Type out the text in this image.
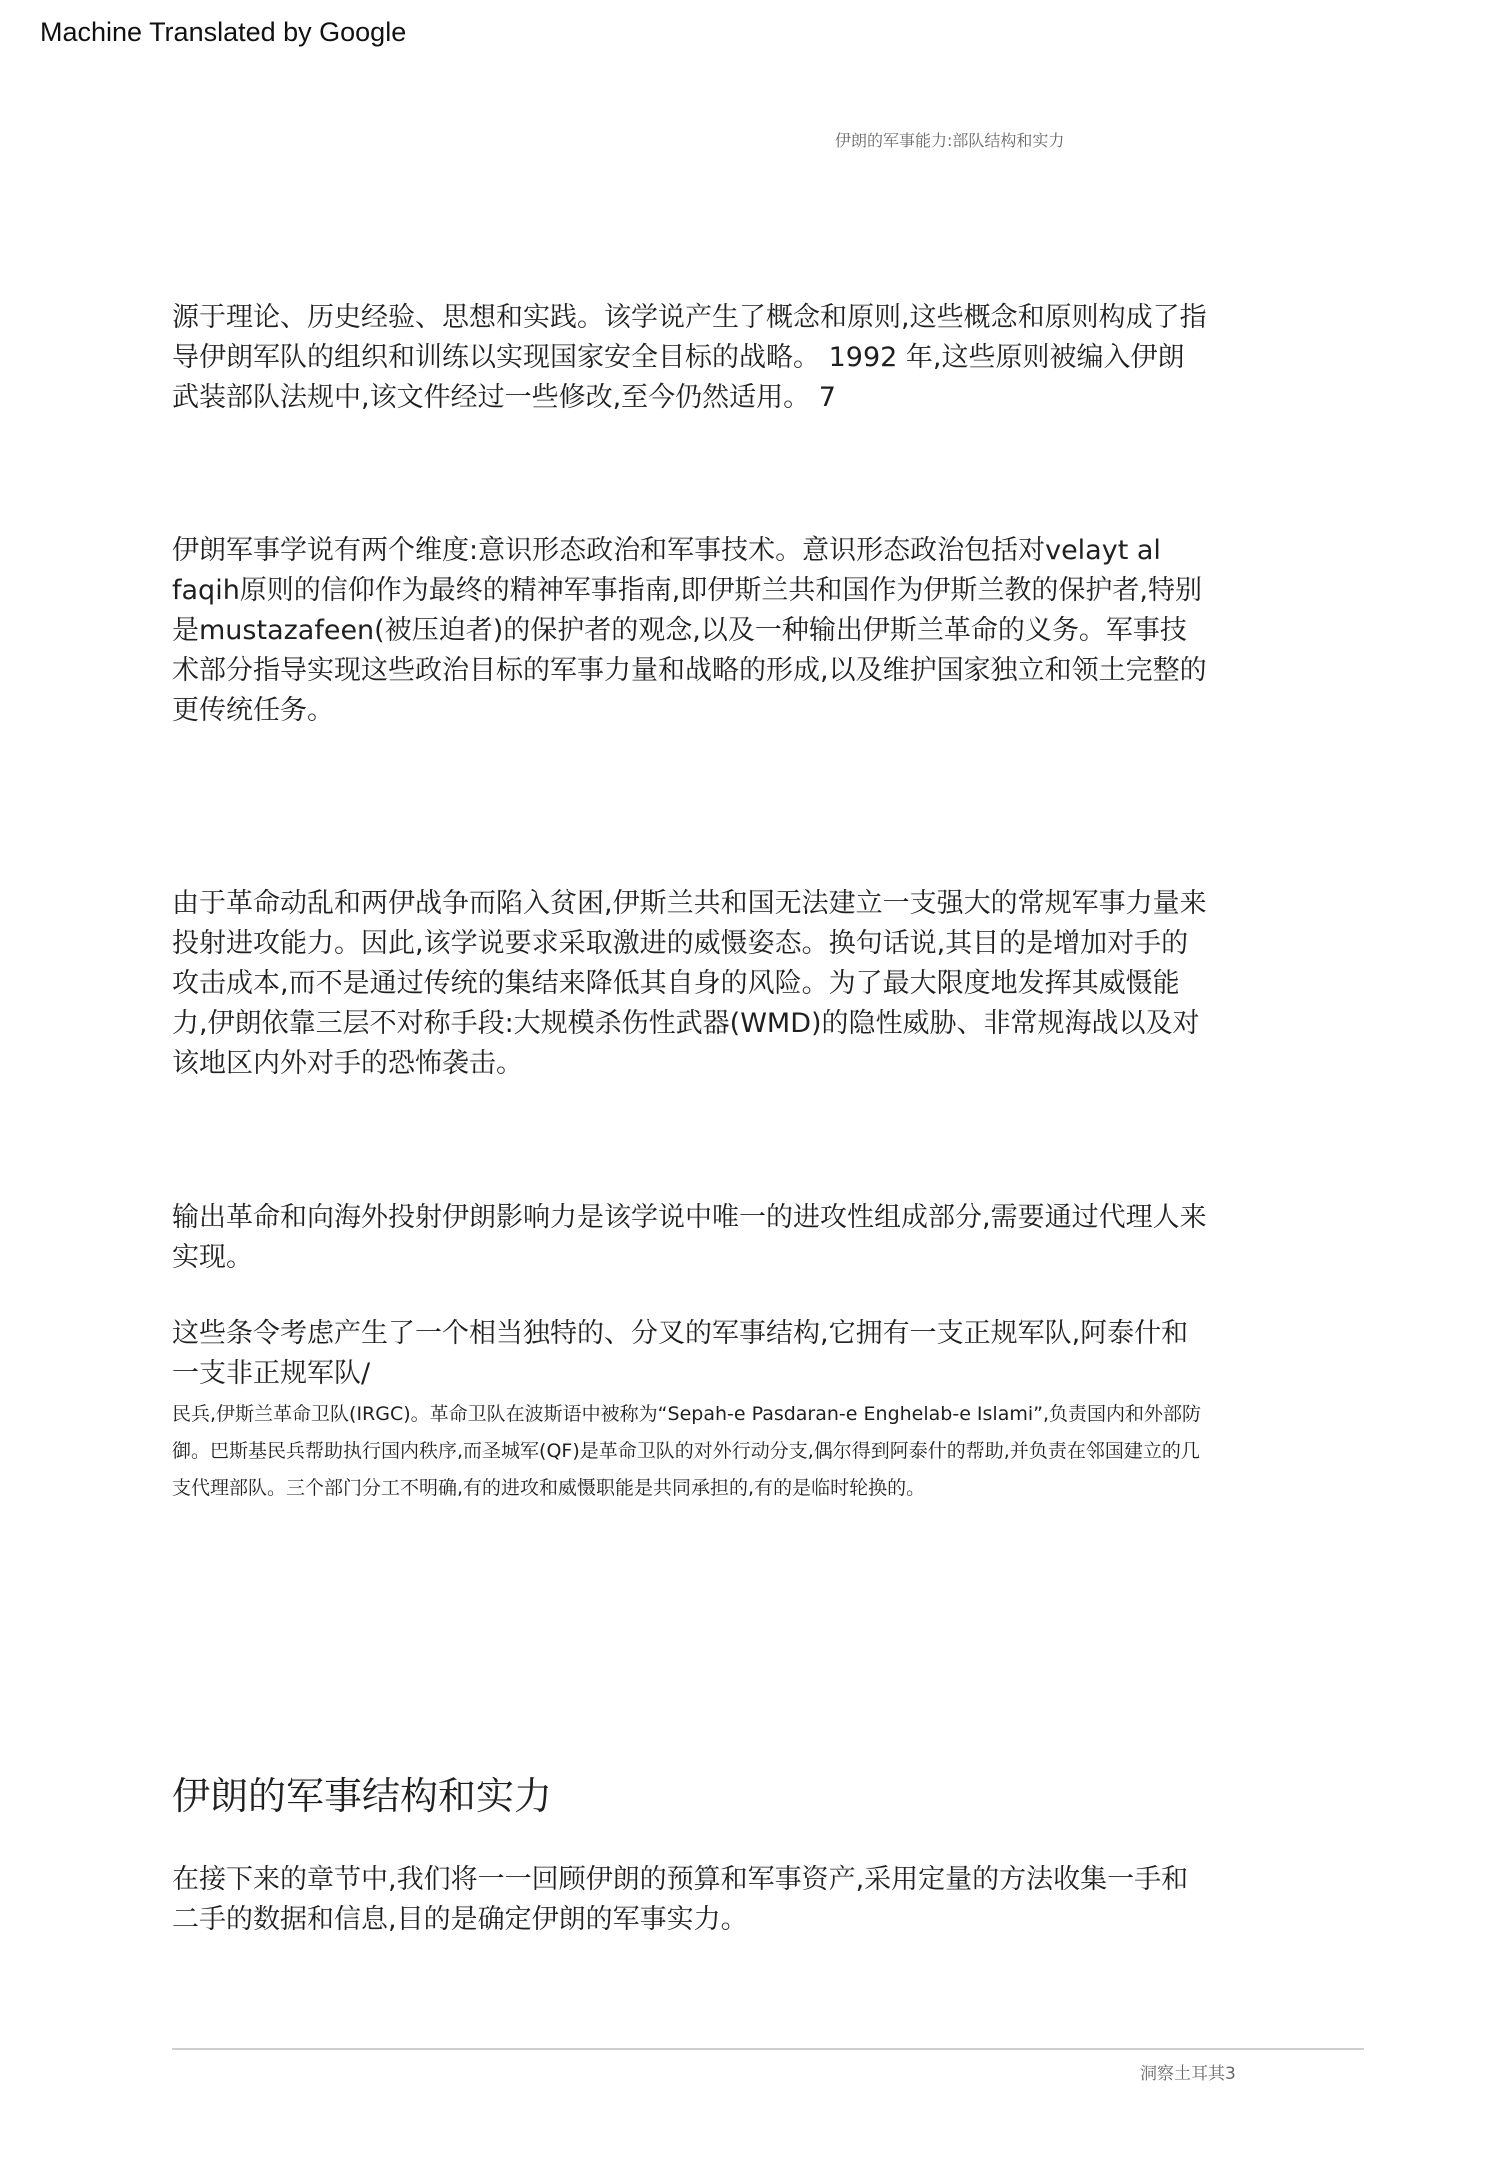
Machine Translated by Google
伊朗的军事能力:部队结构和实力

源于理论、历史经验、思想和实践。该学说产生了概念和原则,这些概念和原则构成了指导伊朗军队的组织和训练以实现国家安全目标的战略。 1992 年,这些原则被编入伊朗武装部队法规中,该文件经过一些修改,至今仍然适用。 7

伊朗军事学说有两个维度:意识形态政治和军事技术。意识形态政治包括对velayt al faqih原则的信仰作为最终的精神军事指南,即伊斯兰共和国作为伊斯兰教的保护者,特别是mustazafeen(被压迫者)的保护者的观念,以及一种输出伊斯兰革命的义务。军事技术部分指导实现这些政治目标的军事力量和战略的形成,以及维护国家独立和领土完整的更传统任务。

由于革命动乱和两伊战争而陷入贫困,伊斯兰共和国无法建立一支强大的常规军事力量来投射进攻能力。因此,该学说要求采取激进的威慑姿态。换句话说,其目的是增加对手的攻击成本,而不是通过传统的集结来降低其自身的风险。为了最大限度地发挥其威慑能力,伊朗依靠三层不对称手段:大规模杀伤性武器(WMD)的隐性威胁、非常规海战以及对该地区内外对手的恐怖袭击。

输出革命和向海外投射伊朗影响力是该学说中唯一的进攻性组成部分,需要通过代理人来实现。

这些条令考虑产生了一个相当独特的、分叉的军事结构,它拥有一支正规军队,阿泰什和一支非正规军队/

民兵,伊斯兰革命卫队(IRGC)。革命卫队在波斯语中被称为“Sepah-e Pasdaran-e Enghelab-e Islami”,负责国内和外部防御。巴斯基民兵帮助执行国内秩序,而圣城军(QF)是革命卫队的对外行动分支,偶尔得到阿泰什的帮助,并负责在邻国建立的几支代理部队。三个部门分工不明确,有的进攻和威慑职能是共同承担的,有的是临时轮换的。

伊朗的军事结构和实力

在接下来的章节中,我们将一一回顾伊朗的预算和军事资产,采用定量的方法收集一手和二手的数据和信息,目的是确定伊朗的军事实力。

洞察土耳其3
